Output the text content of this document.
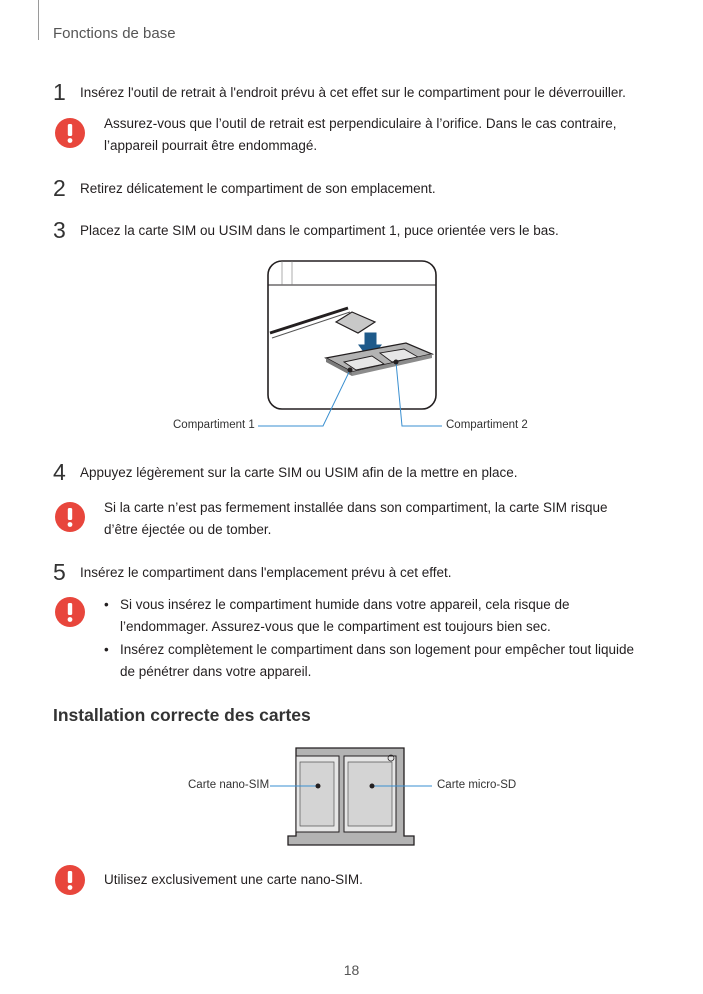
Fonctions de base
1 Insérez l'outil de retrait à l'endroit prévu à cet effet sur le compartiment pour le déverrouiller.
Assurez-vous que l’outil de retrait est perpendiculaire à l’orifice. Dans le cas contraire, l’appareil pourrait être endommagé.
2 Retirez délicatement le compartiment de son emplacement.
3 Placez la carte SIM ou USIM dans le compartiment 1, puce orientée vers le bas.
Compartiment 1	Compartiment 2
4 Appuyez légèrement sur la carte SIM ou USIM afin de la mettre en place.
Si la carte n’est pas fermement installée dans son compartiment, la carte SIM risque d’être éjectée ou de tomber.
5 Insérez le compartiment dans l'emplacement prévu à cet effet.
• Si vous insérez le compartiment humide dans votre appareil, cela risque de l’endommager. Assurez-vous que le compartiment est toujours bien sec.
• Insérez complètement le compartiment dans son logement pour empêcher tout liquide de pénétrer dans votre appareil.
Installation correcte des cartes
Carte nano-SIM	Carte micro-SD
Utilisez exclusivement une carte nano-SIM.
18
